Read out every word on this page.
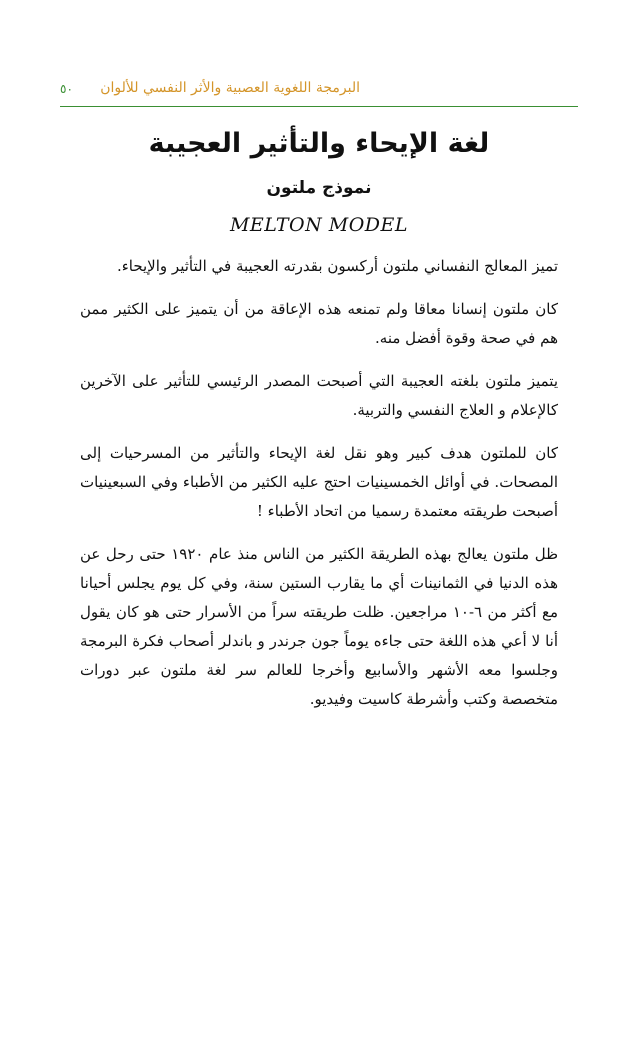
البرمجة اللغوية العصبية والأثر النفسي للألوان
٥٠
لغة الإيحاء والتأثير العجيبة
نموذج ملتون
MELTON MODEL

تميز المعالج النفساني ملتون أركسون بقدرته العجيبة في التأثير والإيحاء.

كان ملتون إنسانا معاقا ولم تمنعه هذه الإعاقة من أن يتميز على الكثير ممن هم في صحة وقوة أفضل منه.

يتميز ملتون بلغته العجيبة التي أصبحت المصدر الرئيسي للتأثير على الآخرين كالإعلام و العلاج النفسي والتربية.

كان للملتون هدف كبير وهو نقل لغة الإيحاء والتأثير من المسرحيات إلى المصحات. في أوائل الخمسينيات احتج عليه الكثير من الأطباء وفي السبعينيات أصبحت طريقته معتمدة رسميا من اتحاد الأطباء !

ظل ملتون يعالج بهذه الطريقة الكثير من الناس منذ عام ١٩٢٠ حتى رحل عن هذه الدنيا في الثمانينات أي ما يقارب الستين سنة، وفي كل يوم يجلس أحيانا مع أكثر من ٦-١٠ مراجعين. ظلت طريقته سراً من الأسرار حتى هو كان يقول أنا لا أعي هذه اللغة حتى جاءه يوماً جون جرندر و باندلر أصحاب فكرة البرمجة وجلسوا معه الأشهر والأسابيع وأخرجا للعالم سر لغة ملتون عبر دورات متخصصة وكتب وأشرطة كاسيت وفيديو.
